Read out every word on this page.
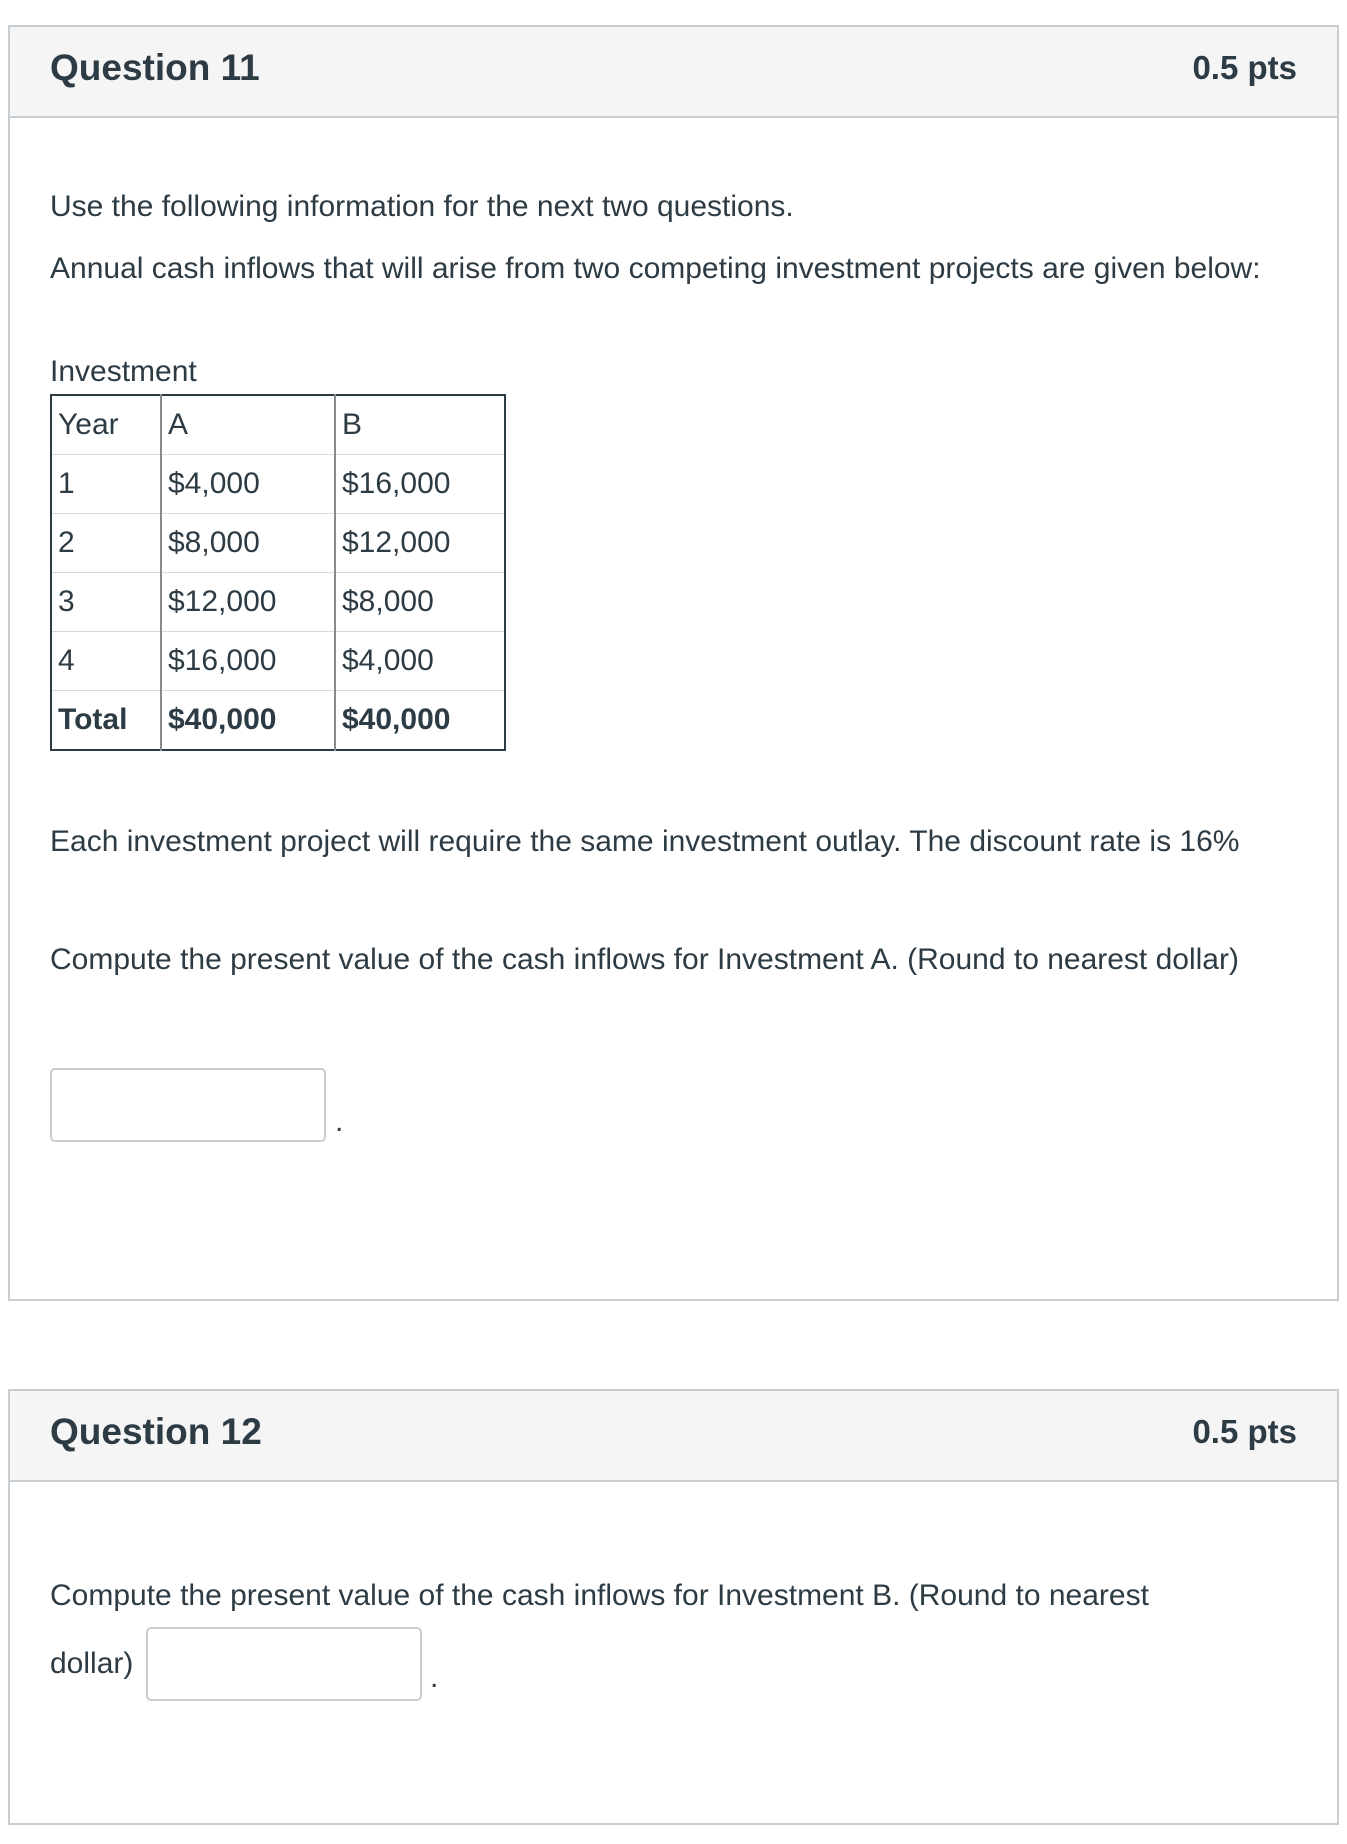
Question 11	0.5 pts

Use the following information for the next two questions.

Annual cash inflows that will arise from two competing investment projects are given below:

Investment

Year	A	B
1	$4,000	$16,000
2	$8,000	$12,000
3	$12,000	$8,000
4	$16,000	$4,000
Total	$40,000	$40,000

Each investment project will require the same investment outlay. The discount rate is 16%

Compute the present value of the cash inflows for Investment A. (Round to nearest dollar)

.
Question 12	0.5 pts

Compute the present value of the cash inflows for Investment B. (Round to nearest

dollar)	.
